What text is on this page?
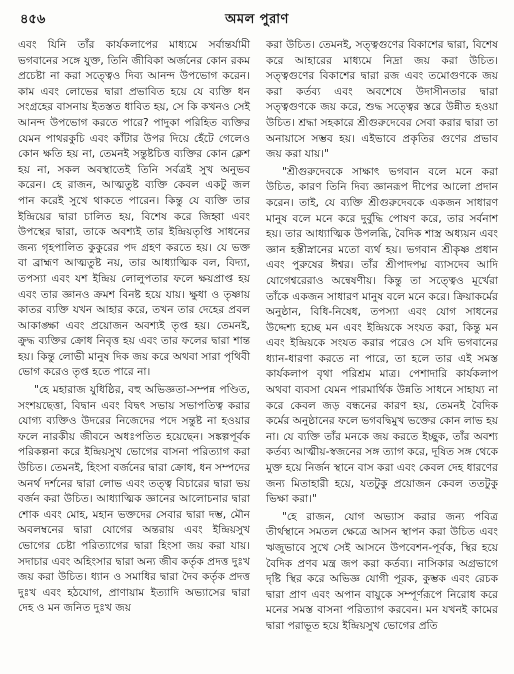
৪৫৬	অমল পুরাণ

এবং যিনি তাঁর কার্যকলাপের মাধ্যমে সর্বান্তর্যামী ভগবানের সঙ্গে যুক্ত, তিনি জীবিকা অর্জনের কোন রকম প্রচেষ্টা না করা সত্ত্বেও দিব্য আনন্দ উপভোগ করেন। কাম এবং লোভের দ্বারা প্রভাবিত হয়ে যে ব্যক্তি ধন সংগ্রহের বাসনায় ইতস্তত ধাবিত হয়, সে কি কখনও সেই আনন্দ উপভোগ করতে পারে? পাদুকা পরিহিত ব্যক্তির যেমন পাথরকুচি এবং কাঁটার উপর দিয়ে হেঁটে গেলেও কোন ক্ষতি হয় না, তেমনই সন্তুষ্টচিত্ত ব্যক্তির কোন ক্লেশ হয় না, সকল অবস্থাতেই তিনি সর্বত্রই সুখ অনুভব করেন। হে রাজন, আত্মতুষ্ট ব্যক্তি কেবল একটু জল পান করেই সুখে থাকতে পারেন। কিন্তু যে ব্যক্তি তার ইন্দ্রিয়ের দ্বারা চালিত হয়, বিশেষ করে জিহ্বা এবং উপস্থের দ্বারা, তাকে অবশ্যই তার ইন্দ্রিয়তৃপ্তি সাধনের জন্য গৃহপালিত কুকুরের পদ গ্রহণ করতে হয়। যে ভক্ত বা ব্রাহ্মণ আত্মতুষ্ট নয়, তার আধ্যাত্মিক বল, বিদ্যা, তপস্যা এবং যশ ইন্দ্রিয় লোলুপতার ফলে ক্ষয়প্রাপ্ত হয় এবং তার জ্ঞানও ক্রমশ বিনষ্ট হয়ে যায়। ক্ষুধা ও তৃষ্ণায় কাতর ব্যক্তি যখন আহার করে, তখন তার দেহের প্রবল আকাঙ্ক্ষা এবং প্রয়োজন অবশ্যই তৃপ্ত হয়। তেমনই, ক্রুদ্ধ ব্যক্তির ক্রোধ নিবৃত্ত হয় এবং তার ফলের দ্বারা শান্ত হয়। কিন্তু লোভী মানুষ দিক জয় করে অথবা সারা পৃথিবী ভোগ করেও তৃপ্ত হতে পারে না।

"হে মহারাজ যুধিষ্ঠির, বহু অভিজ্ঞতা-সম্পন্ন পণ্ডিত, সংশয়ছেত্তা, বিদ্বান এবং বিদ্বৎ সভায় সভাপতিত্ব করার যোগ্য ব্যক্তিও উদরের নিজেদের পদে সন্তুষ্ট না হওয়ার ফলে নারকীয় জীবনে অধঃপতিত হয়েছেন। সঙ্কল্পপূর্বক পরিকল্পনা করে ইন্দ্রিয়সুখ ভোগের বাসনা পরিত্যাগ করা উচিত। তেমনই, হিংসা বর্জনের দ্বারা ক্রোধ, ধন সম্পদের অনর্থ দর্শনের দ্বারা লোভ এবং তত্ত্ব বিচারের দ্বারা ভয় বর্জন করা উচিত। আধ্যাত্মিক জ্ঞানের আলোচনার দ্বারা শোক এবং মোহ, মহান ভক্তদের সেবার দ্বারা দম্ভ, মৌন অবলম্বনের দ্বারা যোগের অন্তরায় এবং ইন্দ্রিয়সুখ ভোগের চেষ্টা পরিত্যাগের দ্বারা হিংসা জয় করা যায়। সদাচার এবং অহিংসার দ্বারা অন্য জীব কর্তৃক প্রদত্ত দুঃখ জয় করা উচিত। ধ্যান ও সমাধির দ্বারা দৈব কর্তৃক প্রদত্ত দুঃখ এবং হঠযোগ, প্রাণায়াম ইত্যাদি অভ্যাসের দ্বারা দেহ ও মন জনিত দুঃখ জয়

করা উচিত। তেমনই, সত্ত্বগুণের বিকাশের দ্বারা, বিশেষ করে আহারের মাধ্যমে নিদ্রা জয় করা উচিত। সত্ত্বগুণের বিকাশের দ্বারা রজ এবং তমোগুণকে জয় করা কর্তব্য এবং অবশেষে উদাসীনতার দ্বারা সত্ত্বগুণকে জয় করে, শুদ্ধ সত্ত্বের স্তরে উন্নীত হওয়া উচিত। শ্রদ্ধা সহকারে শ্রীগুরুদেবের সেবা করার দ্বারা তা অনায়াসে সম্ভব হয়। এইভাবে প্রকৃতির গুণের প্রভাব জয় করা যায়।"

"শ্রীগুরুদেবকে সাক্ষাৎ ভগবান বলে মনে করা উচিত, কারণ তিনি দিব্য জ্ঞানরূপ দীপের আলো প্রদান করেন। তাই, যে ব্যক্তি শ্রীগুরুদেবকে একজন সাধারণ মানুষ বলে মনে করে দুর্বুদ্ধি পোষণ করে, তার সর্বনাশ হয়। তার আধ্যাত্মিক উপলব্ধি, বৈদিক শাস্ত্র অধ্যয়ন এবং জ্ঞান হস্তীস্নানের মতো ব্যর্থ হয়। ভগবান শ্রীকৃষ্ণ প্রধান এবং পুরুষের ঈশ্বর। তাঁর শ্রীপাদপদ্ম ব্যাসদেব আদি যোগেশ্বরেরাও অন্বেষণীয়। কিন্তু তা সত্ত্বেও মূর্খেরা তাঁকে একজন সাধারণ মানুষ বলে মনে করে। ক্রিয়াকর্মের অনুষ্ঠান, বিধি-নিষেধ, তপস্যা এবং যোগ সাধনের উদ্দেশ্য হচ্ছে মন এবং ইন্দ্রিয়কে সংযত করা, কিন্তু মন এবং ইন্দ্রিয়কে সংযত করার পরেও সে যদি ভগবানের ধ্যান-ধারণা করতে না পারে, তা হলে তার এই সমস্ত কার্যকলাপ বৃথা পরিশ্রম মাত্র। পেশাদারি কার্যকলাপ অথবা ব্যবসা যেমন পারমার্থিক উন্নতি সাধনে সাহায্য না করে কেবল জড় বন্ধনের কারণ হয়, তেমনই বৈদিক কর্মের অনুষ্ঠানের ফলে ভগবদ্বিমুখ ভক্তের কোন লাভ হয় না। যে ব্যক্তি তাঁর মনকে জয় করতে ইচ্ছুক, তাঁর অবশ্য কর্তব্য আত্মীয়-স্বজনের সঙ্গ ত্যাগ করে, দূষিত সঙ্গ থেকে মুক্ত হয়ে নির্জন স্থানে বাস করা এবং কেবল দেহ ধারণের জন্য মিতাহারী হয়ে, যতটুকু প্রয়োজন কেবল ততটুকু ভিক্ষা করা।"

"হে রাজন, যোগ অভ্যাস করার জন্য পবিত্র তীর্থস্থানে সমতল ক্ষেত্রে আসন স্থাপন করা উচিত এবং ঋজুভাবে সুখে সেই আসনে উপবেশন-পূর্বক, স্থির হয়ে বৈদিক প্রণব মন্ত্র জপ করা কর্তব্য। নাসিকার অগ্রভাগে দৃষ্টি স্থির করে অভিজ্ঞ যোগী পূরক, কুম্ভক এবং রেচক দ্বারা প্রাণ এবং অপান বায়ুকে সম্পূর্ণরূপে নিরোধ করে মনের সমস্ত বাসনা পরিত্যাগ করবেন। মন যখনই কামের দ্বারা পরাভূত হয়ে ইন্দ্রিয়সুখ ভোগের প্রতি
